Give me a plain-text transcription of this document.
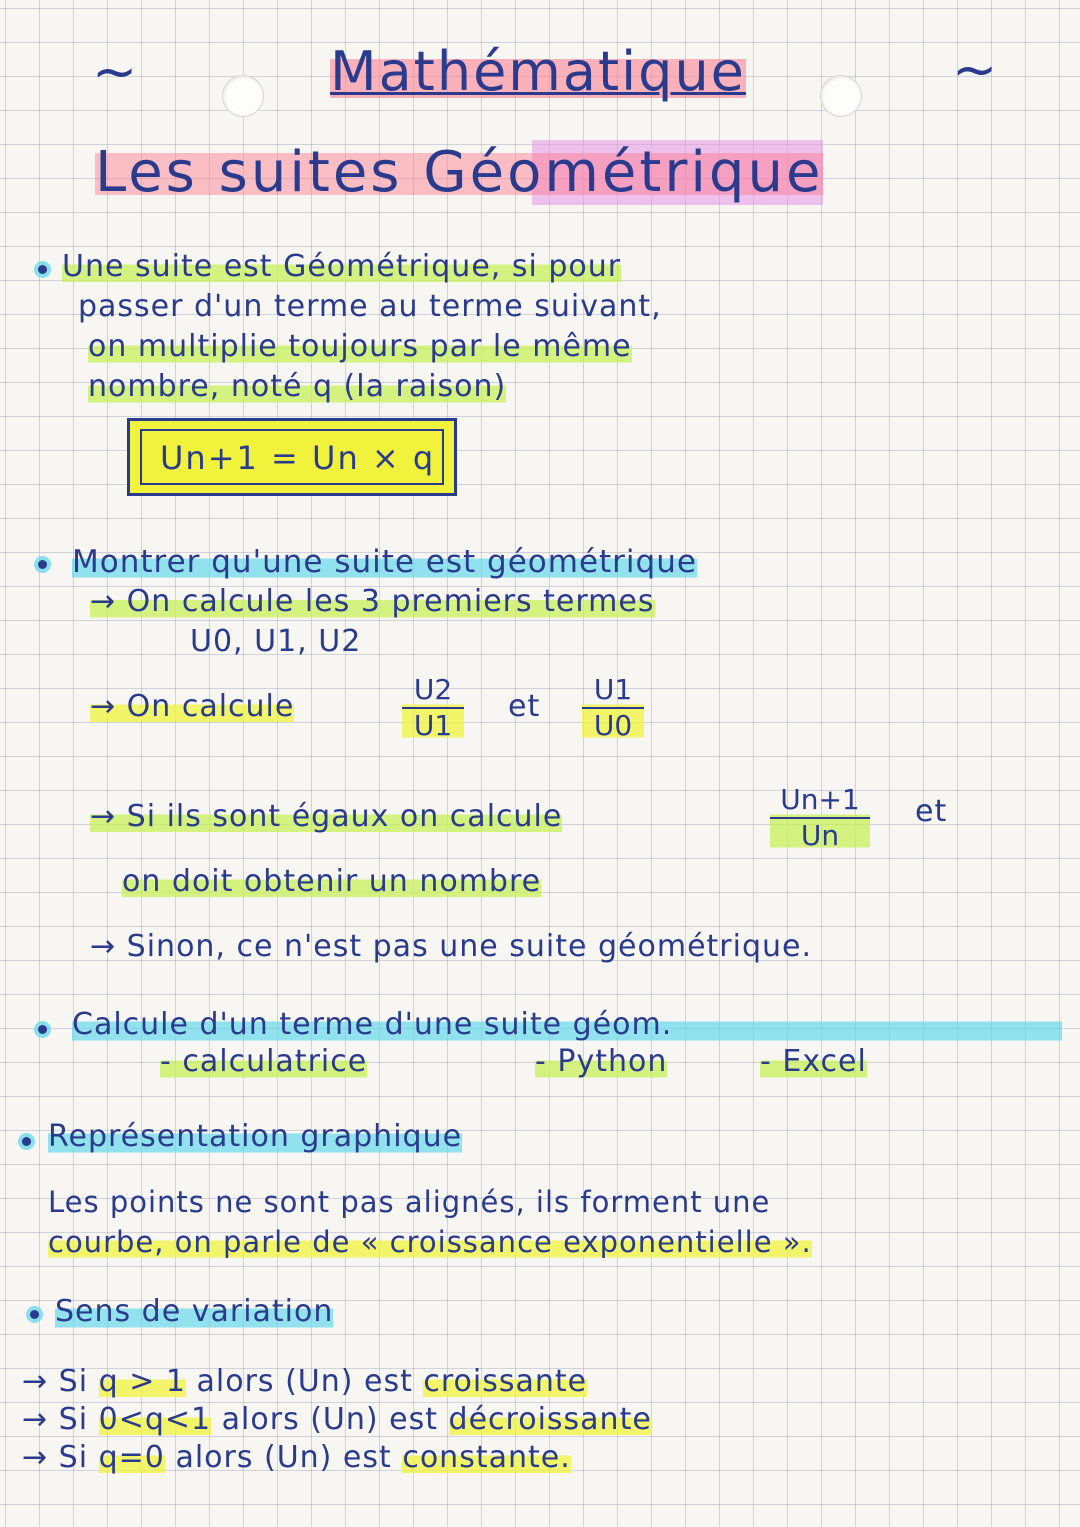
~	~
Mathématique
Les suites Géométrique
Une suite est Géométrique, si pour
passer d'un terme au terme suivant,
on multiplie toujours par le même
nombre, noté q (la raison)
Un+1 = Un × q
Montrer qu'une suite est géométrique
→ On calcule les 3 premiers termes
U0, U1, U2
→ On calcule	U2
U1
et U1
U0
→ Si ils sont égaux on calcule	Un+1
Un
et
on doit obtenir un nombre
→ Sinon, ce n'est pas une suite géométrique.
Calcule d'un terme d'une suite géom.
- calculatrice	- Python	- Excel
Représentation graphique
Les points ne sont pas alignés, ils forment une
courbe, on parle de « croissance exponentielle ».
Sens de variation
→ Si q > 1 alors (Un) est croissante
→ Si 0<q<1 alors (Un) est décroissante
→ Si q=0 alors (Un) est constante.
